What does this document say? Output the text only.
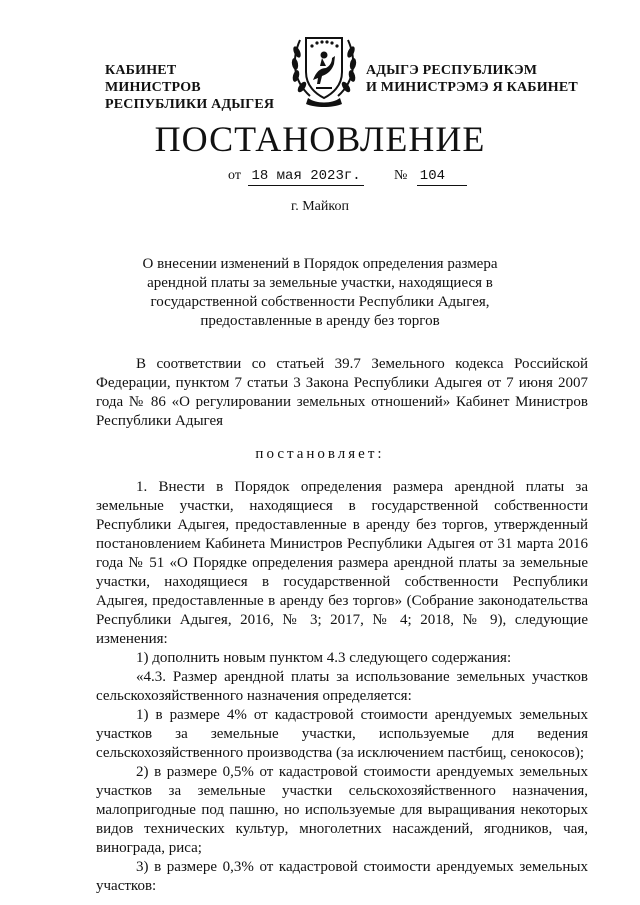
КАБИНЕТ МИНИСТРОВ
РЕСПУБЛИКИ АДЫГЕЯ
АДЫГЭ РЕСПУБЛИКЭМ
И МИНИСТРЭМЭ Я КАБИНЕТ
ПОСТАНОВЛЕНИЕ
от 18 мая 2023г. № 104
г. Майкоп
О внесении изменений в Порядок определения размера арендной платы за земельные участки, находящиеся в государственной собственности Республики Адыгея, предоставленные в аренду без торгов

В соответствии со статьей 39.7 Земельного кодекса Российской Федерации, пунктом 7 статьи 3 Закона Республики Адыгея от 7 июня 2007 года № 86 «О регулировании земельных отношений» Кабинет Министров Республики Адыгея

постановляет:

1. Внести в Порядок определения размера арендной платы за земельные участки, находящиеся в государственной собственности Республики Адыгея, предоставленные в аренду без торгов, утвержденный постановлением Кабинета Министров Республики Адыгея от 31 марта 2016 года № 51 «О Порядке определения размера арендной платы за земельные участки, находящиеся в государственной собственности Республики Адыгея, предоставленные в аренду без торгов» (Собрание законодательства Республики Адыгея, 2016, № 3; 2017, № 4; 2018, № 9), следующие изменения:

1) дополнить новым пунктом 4.3 следующего содержания:

«4.3. Размер арендной платы за использование земельных участков сельскохозяйственного назначения определяется:

1) в размере 4% от кадастровой стоимости арендуемых земельных участков за земельные участки, используемые для ведения сельскохозяйственного производства (за исключением пастбищ, сенокосов);

2) в размере 0,5% от кадастровой стоимости арендуемых земельных участков за земельные участки сельскохозяйственного назначения, малопригодные под пашню, но используемые для выращивания некоторых видов технических культур, многолетних насаждений, ягодников, чая, винограда, риса;

3) в размере 0,3% от кадастровой стоимости арендуемых земельных участков:
